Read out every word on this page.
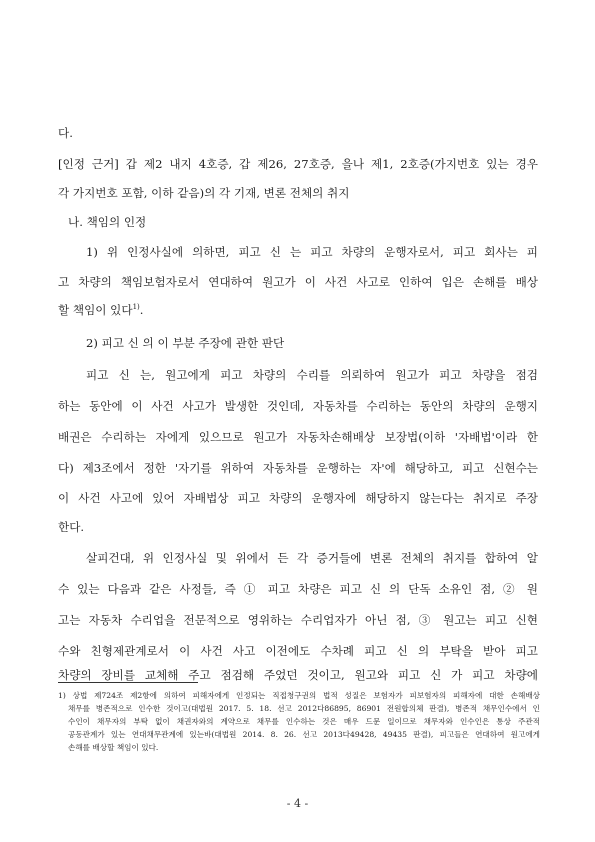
다.
[인정 근거] 갑 제2 내지 4호증, 갑 제26, 27호증, 을나 제1, 2호증(가지번호 있는 경우
각 가지번호 포함, 이하 같음)의 각 기재, 변론 전체의 취지
나. 책임의 인정
1) 위 인정사실에 의하면, 피고 신 는 피고 차량의 운행자로서, 피고 회사는 피
고 차량의 책임보험자로서 연대하여 원고가 이 사건 사고로 인하여 입은 손해를 배상
할 책임이 있다$^{1)}$.
2) 피고 신 의 이 부분 주장에 관한 판단
피고 신 는, 원고에게 피고 차량의 수리를 의뢰하여 원고가 피고 차량을 점검
하는 동안에 이 사건 사고가 발생한 것인데, 자동차를 수리하는 동안의 차량의 운행지
배권은 수리하는 자에게 있으므로 원고가 자동차손해배상 보장법(이하 '자배법'이라 한
다) 제3조에서 정한 '자기를 위하여 자동차를 운행하는 자'에 해당하고, 피고 신현수는
이 사건 사고에 있어 자배법상 피고 차량의 운행자에 해당하지 않는다는 취지로 주장
한다.
살피건대, 위 인정사실 및 위에서 든 각 증거들에 변론 전체의 취지를 합하여 알
수 있는 다음과 같은 사정들, 즉 ① 피고 차량은 피고 신 의 단독 소유인 점, ② 원
고는 자동차 수리업을 전문적으로 영위하는 수리업자가 아닌 점, ③ 원고는 피고 신현
수와 친형제관계로서 이 사건 사고 이전에도 수차례 피고 신 의 부탁을 받아 피고
차량의 장비를 교체해 주고 점검해 주었던 것이고, 원고와 피고 신 가 피고 차량에
1) 상법 제724조 제2항에 의하여 피해자에게 인정되는 직접청구권의 법적 성질은 보험자가 피보험자의 피해자에 대한 손해배상
채무를 병존적으로 인수한 것이고(대법원 2017. 5. 18. 선고 2012다86895, 86901 전원합의체 판결), 병존적 채무인수에서 인
수인이 채무자의 부탁 없이 채권자와의 계약으로 채무를 인수하는 것은 매우 드문 일이므로 채무자와 인수인은 통상 주관적
공동관계가 있는 연대채무관계에 있는바(대법원 2014. 8. 26. 선고 2013다49428, 49435 판결), 피고들은 연대하여 원고에게
손해를 배상할 책임이 있다.
- 4 -
